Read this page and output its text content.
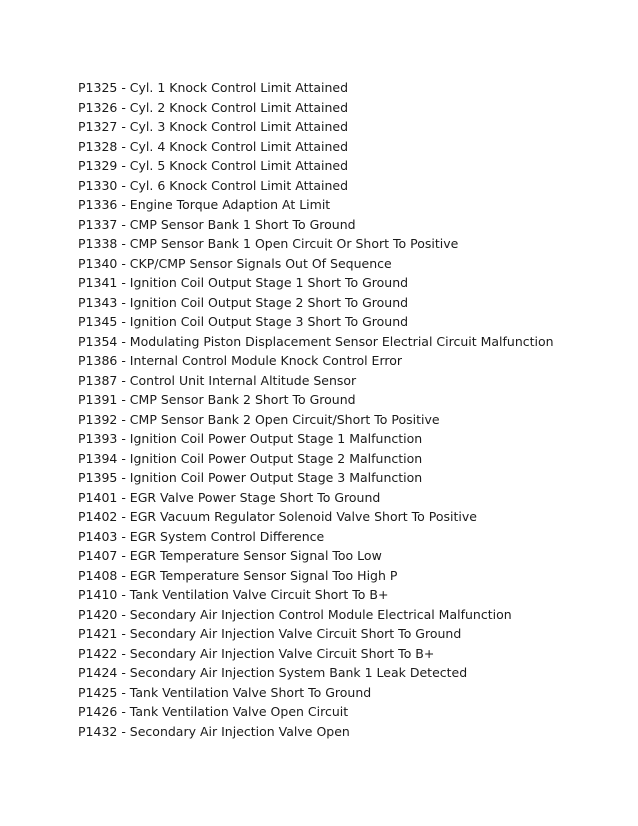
P1325 - Cyl. 1 Knock Control Limit Attained
P1326 - Cyl. 2 Knock Control Limit Attained
P1327 - Cyl. 3 Knock Control Limit Attained
P1328 - Cyl. 4 Knock Control Limit Attained
P1329 - Cyl. 5 Knock Control Limit Attained
P1330 - Cyl. 6 Knock Control Limit Attained
P1336 - Engine Torque Adaption At Limit
P1337 - CMP Sensor Bank 1 Short To Ground
P1338 - CMP Sensor Bank 1 Open Circuit Or Short To Positive
P1340 - CKP/CMP Sensor Signals Out Of Sequence
P1341 - Ignition Coil Output Stage 1 Short To Ground
P1343 - Ignition Coil Output Stage 2 Short To Ground
P1345 - Ignition Coil Output Stage 3 Short To Ground
P1354 - Modulating Piston Displacement Sensor Electrial Circuit Malfunction
P1386 - Internal Control Module Knock Control Error
P1387 - Control Unit Internal Altitude Sensor
P1391 - CMP Sensor Bank 2 Short To Ground
P1392 - CMP Sensor Bank 2 Open Circuit/Short To Positive
P1393 - Ignition Coil Power Output Stage 1 Malfunction
P1394 - Ignition Coil Power Output Stage 2 Malfunction
P1395 - Ignition Coil Power Output Stage 3 Malfunction
P1401 - EGR Valve Power Stage Short To Ground
P1402 - EGR Vacuum Regulator Solenoid Valve Short To Positive
P1403 - EGR System Control Difference
P1407 - EGR Temperature Sensor Signal Too Low
P1408 - EGR Temperature Sensor Signal Too High P
P1410 - Tank Ventilation Valve Circuit Short To B+
P1420 - Secondary Air Injection Control Module Electrical Malfunction
P1421 - Secondary Air Injection Valve Circuit Short To Ground
P1422 - Secondary Air Injection Valve Circuit Short To B+
P1424 - Secondary Air Injection System Bank 1 Leak Detected
P1425 - Tank Ventilation Valve Short To Ground
P1426 - Tank Ventilation Valve Open Circuit
P1432 - Secondary Air Injection Valve Open
